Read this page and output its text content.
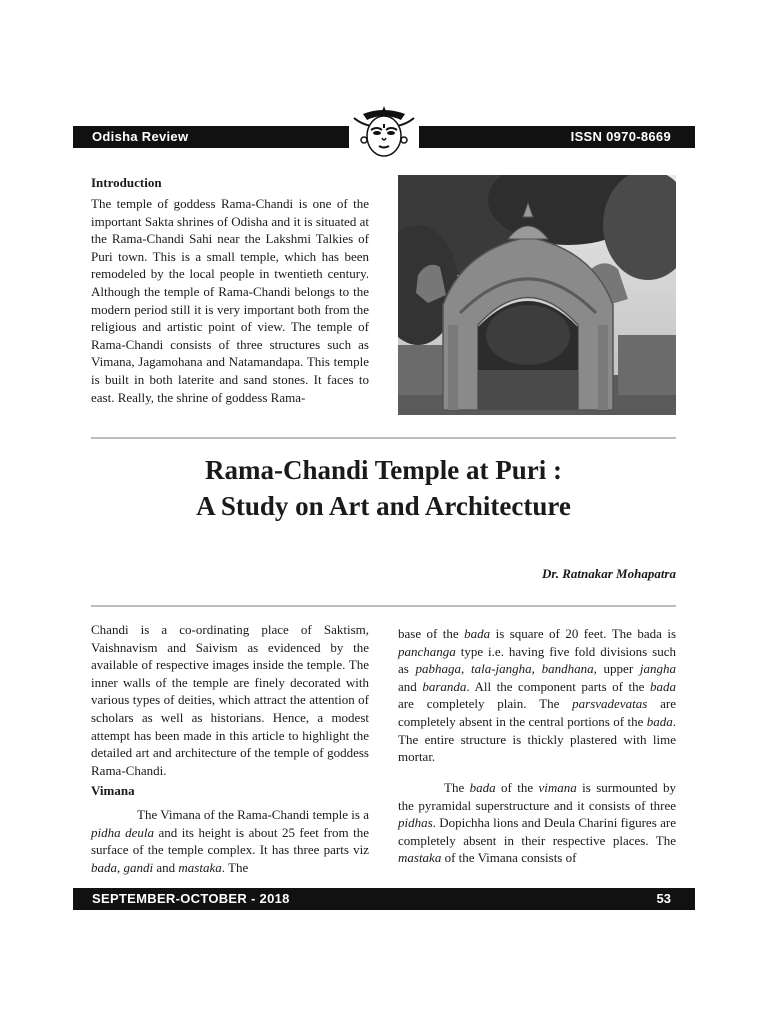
Odisha Review	ISSN 0970-8669
Introduction

The temple of goddess Rama-Chandi is one of the important Sakta shrines of Odisha and it is situated at the Rama-Chandi Sahi near the Lakshmi Talkies of Puri town. This is a small temple, which has been remodeled by the local people in twentieth century. Although the temple of Rama-Chandi belongs to the modern period still it is very important both from the religious and artistic point of view. The temple of Rama-Chandi consists of three structures such as Vimana, Jagamohana and Natamandapa. This temple is built in both laterite and sand stones. It faces to east. Really, the shrine of goddess Rama-

Rama-Chandi Temple at Puri :
A Study on Art and Architecture
Dr. Ratnakar Mohapatra

Chandi is a co-ordinating place of Saktism, Vaishnavism and Saivism as evidenced by the available of respective images inside the temple. The inner walls of the temple are finely decorated with various types of deities, which attract the attention of scholars as well as historians. Hence, a modest attempt has been made in this article to highlight the detailed art and architecture of the temple of goddess Rama-Chandi.

Vimana

The Vimana of the Rama-Chandi temple is a pidha deula and its height is about 25 feet from the surface of the temple complex. It has three parts viz bada, gandi and mastaka. The

base of the bada is square of 20 feet. The bada is panchanga type i.e. having five fold divisions such as pabhaga, tala-jangha, bandhana, upper jangha and baranda. All the component parts of the bada are completely plain. The parsvadevatas are completely absent in the central portions of the bada. The entire structure is thickly plastered with lime mortar.

The bada of the vimana is surmounted by the pyramidal superstructure and it consists of three pidhas. Dopichha lions and Deula Charini figures are completely absent in their respective places. The mastaka of the Vimana consists of

SEPTEMBER-OCTOBER - 2018	53
